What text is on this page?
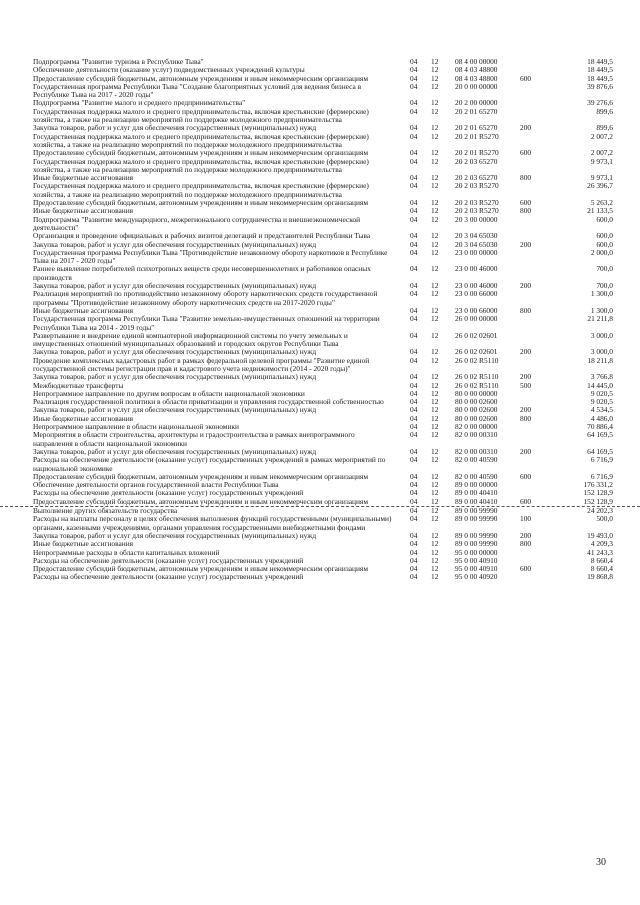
Подпрограмма "Развитие туризма в Республике Тыва"	04 12 08 4 00 00000	18 449,5
Обеспечение деятельности (оказание услуг) подведомственных учреждений культуры	04 12 08 4 03 48800	18 449,5
Предоставление субсидий бюджетным, автономным учреждениям и иным некоммерческим организациям	04 12 08 4 03 48800	600	18 449,5
Государственная программа Республики Тыва "Создание благоприятных условий для ведения бизнеса в Республике Тыва на 2017 - 2020 годы"
04 12 20 0 00 00000	39 876,6
Подпрограмма "Развитие малого и среднего предпринимательства"	04 12 20 2 00 00000	39 276,6
Государственная поддержка малого и среднего предпринимательства, включая крестьянские (фермерские) хозяйства, а также на реализацию мероприятий по поддержке молодежного предпринимательства
04 12 20 2 01 65270	899,6
Закупка товаров, работ и услуг для обеспечения государственных (муниципальных) нужд	04 12 20 2 01 65270	200	899,6
Государственная поддержка малого и среднего предпринимательства, включая крестьянские (фермерские) хозяйства, а также на реализацию мероприятий по поддержке молодежного предпринимательства
04 12 20 2 01 R5270	2 007,2
Предоставление субсидий бюджетным, автономным учреждениям и иным некоммерческим организациям	04 12 20 2 01 R5270	600	2 007,2
Государственная поддержка малого и среднего предпринимательства, включая крестьянские (фермерские) хозяйства, а также на реализацию мероприятий по поддержке молодежного предпринимательства
04 12 20 2 03 65270	9 973,1
Иные бюджетные ассигнования	04 12 20 2 03 65270	800	9 973,1
Государственная поддержка малого и среднего предпринимательства, включая крестьянские (фермерские) хозяйства, а также на реализацию мероприятий по поддержке молодежного предпринимательства
04 12 20 2 03 R5270	26 396,7
Предоставление субсидий бюджетным, автономным учреждениям и иным некоммерческим организациям	04 12 20 2 03 R5270	600	5 263,2
Иные бюджетные ассигнования	04 12 20 2 03 R5270	800	21 133,5
Подпрограмма "Развитие международного, межрегионального сотрудничества и внешнеэкономической деятельности"
04 12 20 3 00 00000	600,0
Организация и проведение официальных и рабочих визитов делегаций и представителей Республики Тыва	04 12 20 3 04 65030	600,0
Закупка товаров, работ и услуг для обеспечения государственных (муниципальных) нужд	04 12 20 3 04 65030	200	600,0
Государственная программа Республики Тыва "Противодействие незаконному обороту наркотиков в Республике Тыва на 2017 - 2020 годы"
04 12 23 0 00 00000	2 000,0
Раннее выявление потребителей психотропных веществ среди несовершеннолетних и работников опасных производств
04 12 23 0 00 46000	700,0
Закупка товаров, работ и услуг для обеспечения государственных (муниципальных) нужд	04 12 23 0 00 46000	200	700,0
Реализация мероприятий по противодействию незаконному обороту наркотических средств государственной программы "Противодействие незаконному обороту наркотических средств на 2017-2020 годы"
04 12 23 0 00 66000	1 300,0
Иные бюджетные ассигнования	04 12 23 0 00 66000	800	1 300,0
Государственная программа Республики Тыва "Развитие земельно-имущественных отношений на территории Республики Тыва на 2014 - 2019 годы"
04 12 26 0 00 00000	21 211,8
Развертывание и внедрение единой компьютерной информационной системы по учету земельных и имущественных отношений муниципальных образований и городских округов Республики Тыва
04 12 26 0 02 02601	3 000,0
Закупка товаров, работ и услуг для обеспечения государственных (муниципальных) нужд	04 12 26 0 02 02601	200	3 000,0
Проведение комплексных кадастровых работ в рамках федеральной целевой программы "Развитие единой государственной системы регистрации прав и кадастрового учета недвижимости (2014 - 2020 годы)"
04 12 26 0 02 R5110	18 211,8
Закупка товаров, работ и услуг для обеспечения государственных (муниципальных) нужд	04 12 26 0 02 R5110	200	3 766,8
Межбюджетные трансферты	04 12 26 0 02 R5110	500	14 445,0
Непрограммное направление по другим вопросам в области национальной экономики	04 12 80 0 00 00000	9 020,5
Реализация государственной политики в области приватизации и управления государственной собственностью	04 12 80 0 00 02600	9 020,5
Закупка товаров, работ и услуг для обеспечения государственных (муниципальных) нужд	04 12 80 0 00 02600	200	4 534,5
Иные бюджетные ассигнования	04 12 80 0 00 02600	800	4 486,0
Непрограммное направление в области национальной экономики	04 12 82 0 00 00000	70 886,4
Мероприятия в области строительства, архитектуры и градостроительства в рамках внепрограммного направления в области национальной экономики
04 12 82 0 00 00310	64 169,5
Закупка товаров, работ и услуг для обеспечения государственных (муниципальных) нужд	04 12 82 0 00 00310	200	64 169,5
Расходы на обеспечение деятельности (оказание услуг) государственных учреждений в рамках мероприятий по национальной экономике
04 12 82 0 00 40590	6 716,9
Предоставление субсидий бюджетным, автономным учреждениям и иным некоммерческим организациям	04 12 82 0 00 40590	600	6 716,9
Обеспечение деятельности органов государственной власти Республики Тыва	04 12 89 0 00 00000	176 331,2
Расходы на обеспечение деятельности (оказание услуг) государственных учреждений	04 12 89 0 00 40410	152 128,9
Предоставление субсидий бюджетным, автономным учреждениям и иным некоммерческим организациям	04 12 89 0 00 40410	600	152 128,9
Выполнение других обязательств государства	04 12 89 0 00 99990	24 202,3
Расходы на выплаты персоналу в целях обеспечения выполнения функций государственными (муниципальными) органами, казенными учреждениями, органами управления государственными внебюджетными фондами
04 12 89 0 00 99990	100	500,0
Закупка товаров, работ и услуг для обеспечения государственных (муниципальных) нужд	04 12 89 0 00 99990	200	19 493,0
Иные бюджетные ассигнования	04 12 89 0 00 99990	800	4 209,3
Непрограммные расходы в области капитальных вложений	04 12 95 0 00 00000	41 243,3
Расходы на обеспечение деятельности (оказание услуг) государственных учреждений	04 12 95 0 00 40910	8 660,4
Предоставление субсидий бюджетным, автономным учреждениям и иным некоммерческим организациям	04 12 95 0 00 40910	600	8 660,4
Расходы на обеспечение деятельности (оказание услуг) государственных учреждений	04 12 95 0 00 40920	19 868,8
30
